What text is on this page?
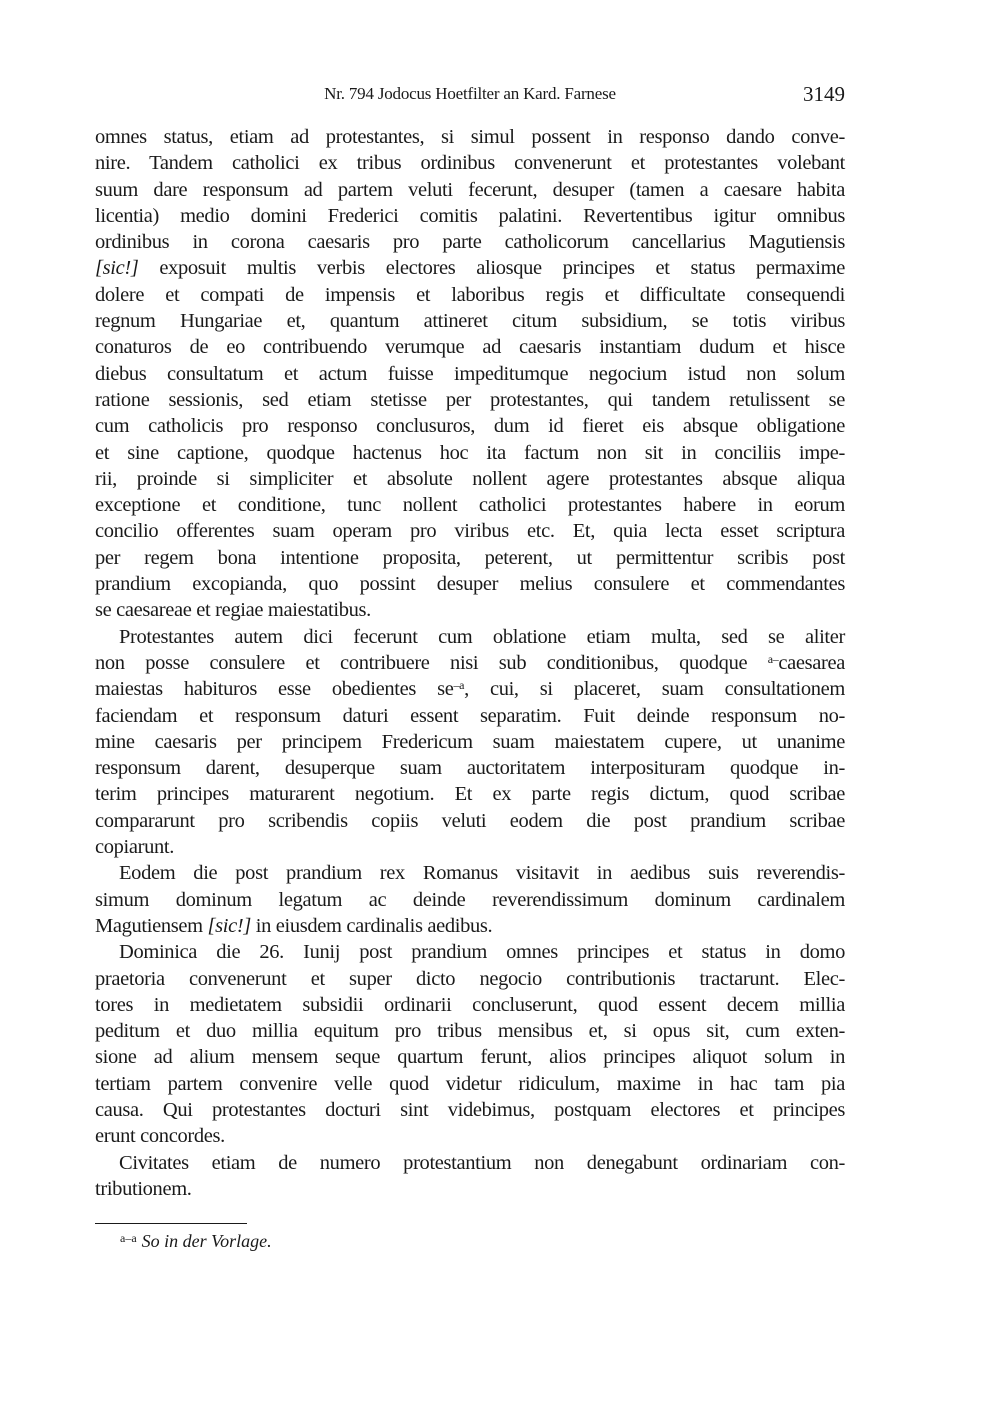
Nr. 794 Jodocus Hoetfilter an Kard. Farnese	3149
omnes status, etiam ad protestantes, si simul possent in responso dando conve-
nire. Tandem catholici ex tribus ordinibus convenerunt et protestantes volebant
suum dare responsum ad partem veluti fecerunt, desuper (tamen a caesare habita
licentia) medio domini Frederici comitis palatini. Revertentibus igitur omnibus
ordinibus in corona caesaris pro parte catholicorum cancellarius Magutiensis
[sic!] exposuit multis verbis electores aliosque principes et status permaxime
dolere et compati de impensis et laboribus regis et difficultate consequendi
regnum Hungariae et, quantum attineret citum subsidium, se totis viribus
conaturos de eo contribuendo verumque ad caesaris instantiam dudum et hisce
diebus consultatum et actum fuisse impeditumque negocium istud non solum
ratione sessionis, sed etiam stetisse per protestantes, qui tandem retulissent se
cum catholicis pro responso conclusuros, dum id fieret eis absque obligatione
et sine captione, quodque hactenus hoc ita factum non sit in conciliis impe-
rii, proinde si simpliciter et absolute nollent agere protestantes absque aliqua
exceptione et conditione, tunc nollent catholici protestantes habere in eorum
concilio offerentes suam operam pro viribus etc. Et, quia lecta esset scriptura
per regem bona intentione proposita, peterent, ut permittentur scribis post
prandium excopianda, quo possint desuper melius consulere et commendantes
se caesareae et regiae maiestatibus.
Protestantes autem dici fecerunt cum oblatione etiam multa, sed se aliter
non posse consulere et contribuere nisi sub conditionibus, quodque $^{a-}$caesarea
maiestas habituros esse obedientes $se^{-a}$, cui, si placeret, suam consultationem
faciendam et responsum daturi essent separatim. Fuit deinde responsum no-
mine caesaris per principem Fredericum suam maiestatem cupere, ut unanime
responsum darent, desuperque suam auctoritatem interposituram quodque in-
terim principes maturarent negotium. Et ex parte regis dictum, quod scribae
compararunt pro scribendis copiis veluti eodem die post prandium scribae
copiarunt.
Eodem die post prandium rex Romanus visitavit in aedibus suis reverendis-
simum dominum legatum ac deinde reverendissimum dominum cardinalem
Magutiensem [sic!] in eiusdem cardinalis aedibus.
Dominica die 26. Iunij post prandium omnes principes et status in domo
praetoria convenerunt et super dicto negocio contributionis tractarunt. Elec-
tores in medietatem subsidii ordinarii concluserunt, quod essent decem millia
peditum et duo millia equitum pro tribus mensibus et, si opus sit, cum exten-
sione ad alium mensem seque quartum ferunt, alios principes aliquot solum in
tertiam partem convenire velle quod videtur ridiculum, maxime in hac tam pia
causa. Qui protestantes docturi sint videbimus, postquam electores et principes
erunt concordes.
Civitates etiam de numero protestantium non denegabunt ordinariam con-
tributionem.
$^{a-a}$ So in der Vorlage.
